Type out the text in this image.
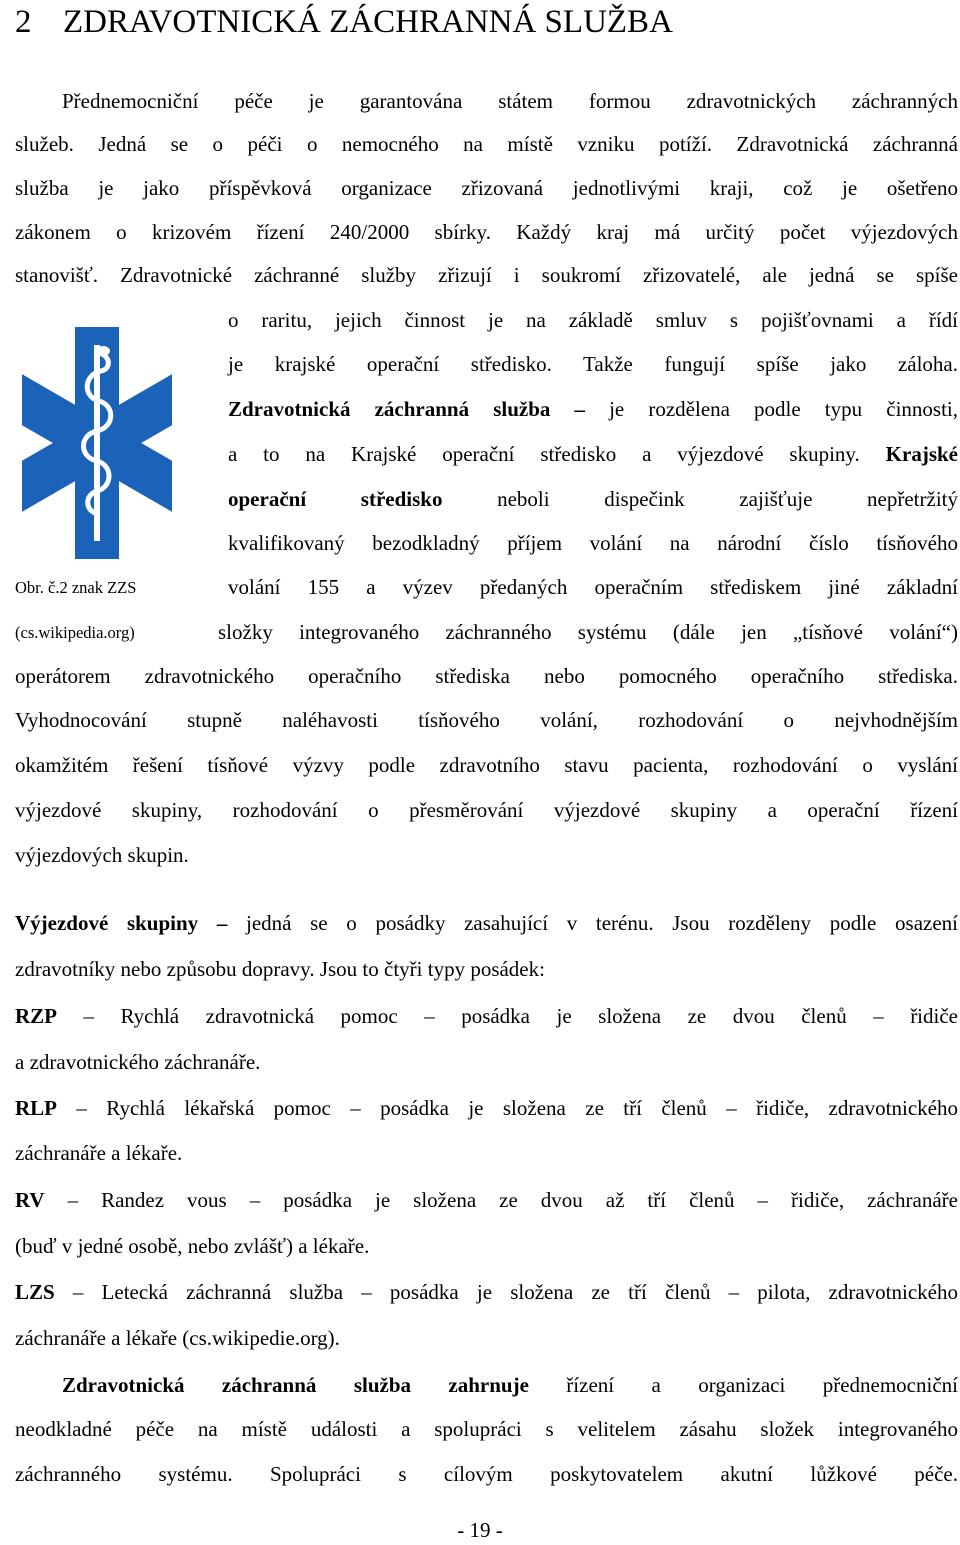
2 ZDRAVOTNICKÁ ZÁCHRANNÁ SLUŽBA
Přednemocniční péče je garantována státem formou zdravotnických záchranných
služeb. Jedná se o péči o nemocného na místě vzniku potíží. Zdravotnická záchranná
služba je jako příspěvková organizace zřizovaná jednotlivými kraji, což je ošetřeno
zákonem o krizovém řízení 240/2000 sbírky. Každý kraj má určitý počet výjezdových
stanovišť. Zdravotnické záchranné služby zřizují i soukromí zřizovatelé, ale jedná se spíše
o raritu, jejich činnost je na základě smluv s pojišťovnami a řídí
je krajské operační středisko. Takže fungují spíše jako záloha.
Zdravotnická záchranná služba – je rozdělena podle typu činnosti,
a to na Krajské operační středisko a výjezdové skupiny. Krajské
operační středisko neboli dispečink zajišťuje nepřetržitý
kvalifikovaný bezodkladný příjem volání na národní číslo tísňového
volání 155 a výzev předaných operačním střediskem jiné základní
složky integrovaného záchranného systému (dále jen „tísňové volání“)
operátorem zdravotnického operačního střediska nebo pomocného operačního střediska.
Vyhodnocování stupně naléhavosti tísňového volání, rozhodování o nejvhodnějším
okamžitém řešení tísňové výzvy podle zdravotního stavu pacienta, rozhodování o vyslání
výjezdové skupiny, rozhodování o přesměrování výjezdové skupiny a operační řízení
výjezdových skupin.
Obr. č.2 znak ZZS
(cs.wikipedia.org)
Výjezdové skupiny – jedná se o posádky zasahující v terénu. Jsou rozděleny podle osazení
zdravotníky nebo způsobu dopravy. Jsou to čtyři typy posádek:
RZP – Rychlá zdravotnická pomoc – posádka je složena ze dvou členů – řidiče
a zdravotnického záchranáře.
RLP – Rychlá lékařská pomoc – posádka je složena ze tří členů – řidiče, zdravotnického
záchranáře a lékaře.
RV – Randez vous – posádka je složena ze dvou až tří členů – řidiče, záchranáře
(buď v jedné osobě, nebo zvlášť) a lékaře.
LZS – Letecká záchranná služba – posádka je složena ze tří členů – pilota, zdravotnického
záchranáře a lékaře (cs.wikipedie.org).
Zdravotnická záchranná služba zahrnuje řízení a organizaci přednemocniční
neodkladné péče na místě události a spolupráci s velitelem zásahu složek integrovaného
záchranného systému. Spolupráci s cílovým poskytovatelem akutní lůžkové péče.
- 19 -
